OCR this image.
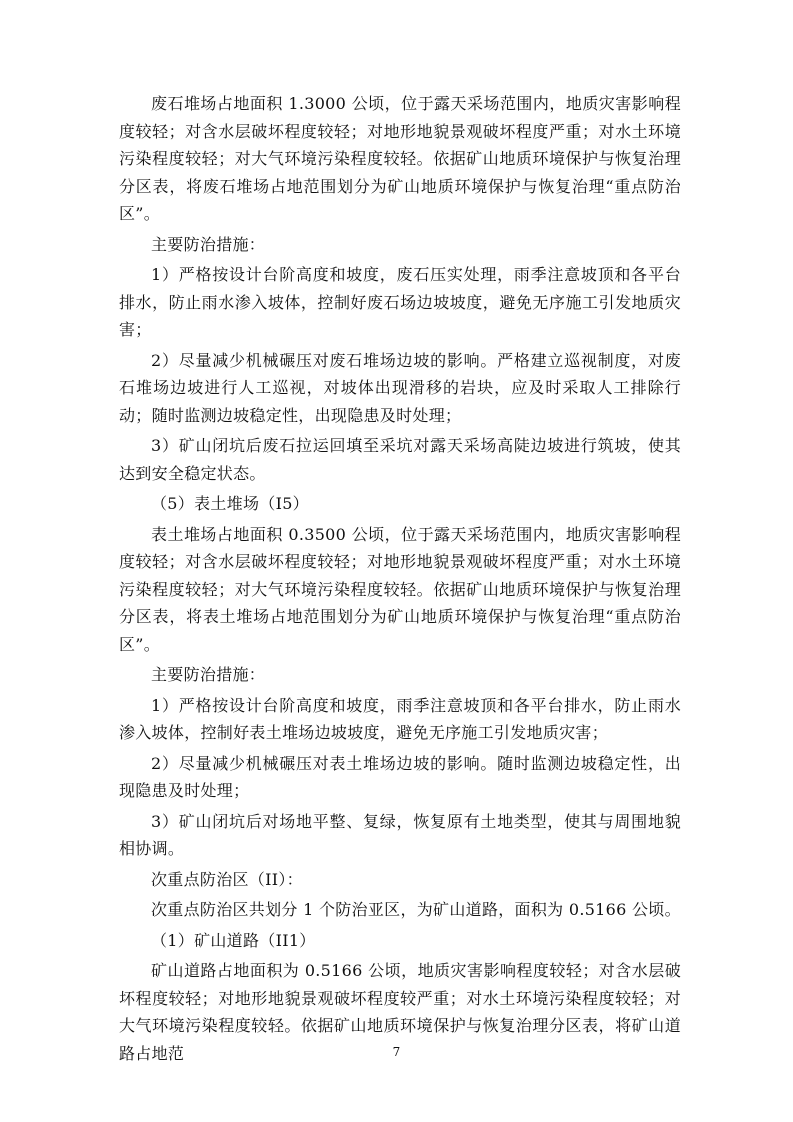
废石堆场占地面积 1.3000 公顷，位于露天采场范围内，地质灾害影响程度较轻；对含水层破坏程度较轻；对地形地貌景观破坏程度严重；对水土环境污染程度较轻；对大气环境污染程度较轻。依据矿山地质环境保护与恢复治理分区表，将废石堆场占地范围划分为矿山地质环境保护与恢复治理“重点防治区”。

主要防治措施：

1）严格按设计台阶高度和坡度，废石压实处理，雨季注意坡顶和各平台排水，防止雨水渗入坡体，控制好废石场边坡坡度，避免无序施工引发地质灾害；

2）尽量减少机械碾压对废石堆场边坡的影响。严格建立巡视制度，对废石堆场边坡进行人工巡视，对坡体出现滑移的岩块，应及时采取人工排除行动；随时监测边坡稳定性，出现隐患及时处理；

3）矿山闭坑后废石拉运回填至采坑对露天采场高陡边坡进行筑坡，使其达到安全稳定状态。

（5）表土堆场（I5）

表土堆场占地面积 0.3500 公顷，位于露天采场范围内，地质灾害影响程度较轻；对含水层破坏程度较轻；对地形地貌景观破坏程度严重；对水土环境污染程度较轻；对大气环境污染程度较轻。依据矿山地质环境保护与恢复治理分区表，将表土堆场占地范围划分为矿山地质环境保护与恢复治理“重点防治区”。

主要防治措施：

1）严格按设计台阶高度和坡度，雨季注意坡顶和各平台排水，防止雨水渗入坡体，控制好表土堆场边坡坡度，避免无序施工引发地质灾害；

2）尽量减少机械碾压对表土堆场边坡的影响。随时监测边坡稳定性，出现隐患及时处理；

3）矿山闭坑后对场地平整、复绿，恢复原有土地类型，使其与周围地貌相协调。

次重点防治区（II）：

次重点防治区共划分 1 个防治亚区，为矿山道路，面积为 0.5166 公顷。

（1）矿山道路（II1）

矿山道路占地面积为 0.5166 公顷，地质灾害影响程度较轻；对含水层破坏程度较轻；对地形地貌景观破坏程度较严重；对水土环境污染程度较轻；对大气环境污染程度较轻。依据矿山地质环境保护与恢复治理分区表，将矿山道路占地范	7
